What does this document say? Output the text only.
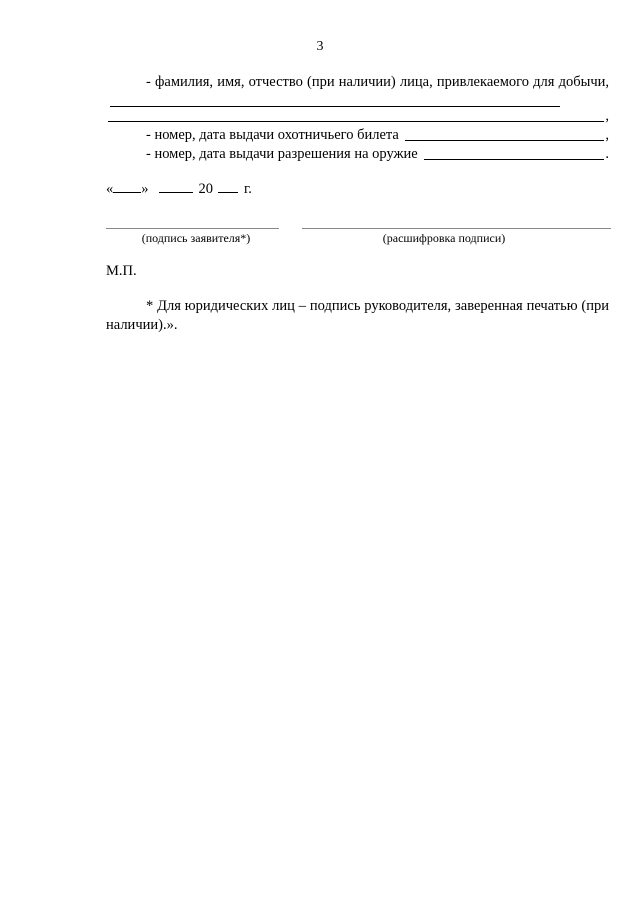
3
- фамилия, имя, отчество (при наличии) лица, привлекаемого для добычи,
,
- номер, дата выдачи охотничьего билета	,
- номер, дата выдачи разрешения на оружие	.
« »	20 г.
(подпись заявителя*)	(расшифровка подписи)
М.П.
* Для юридических лиц – подпись руководителя, заверенная печатью (при наличии).».
